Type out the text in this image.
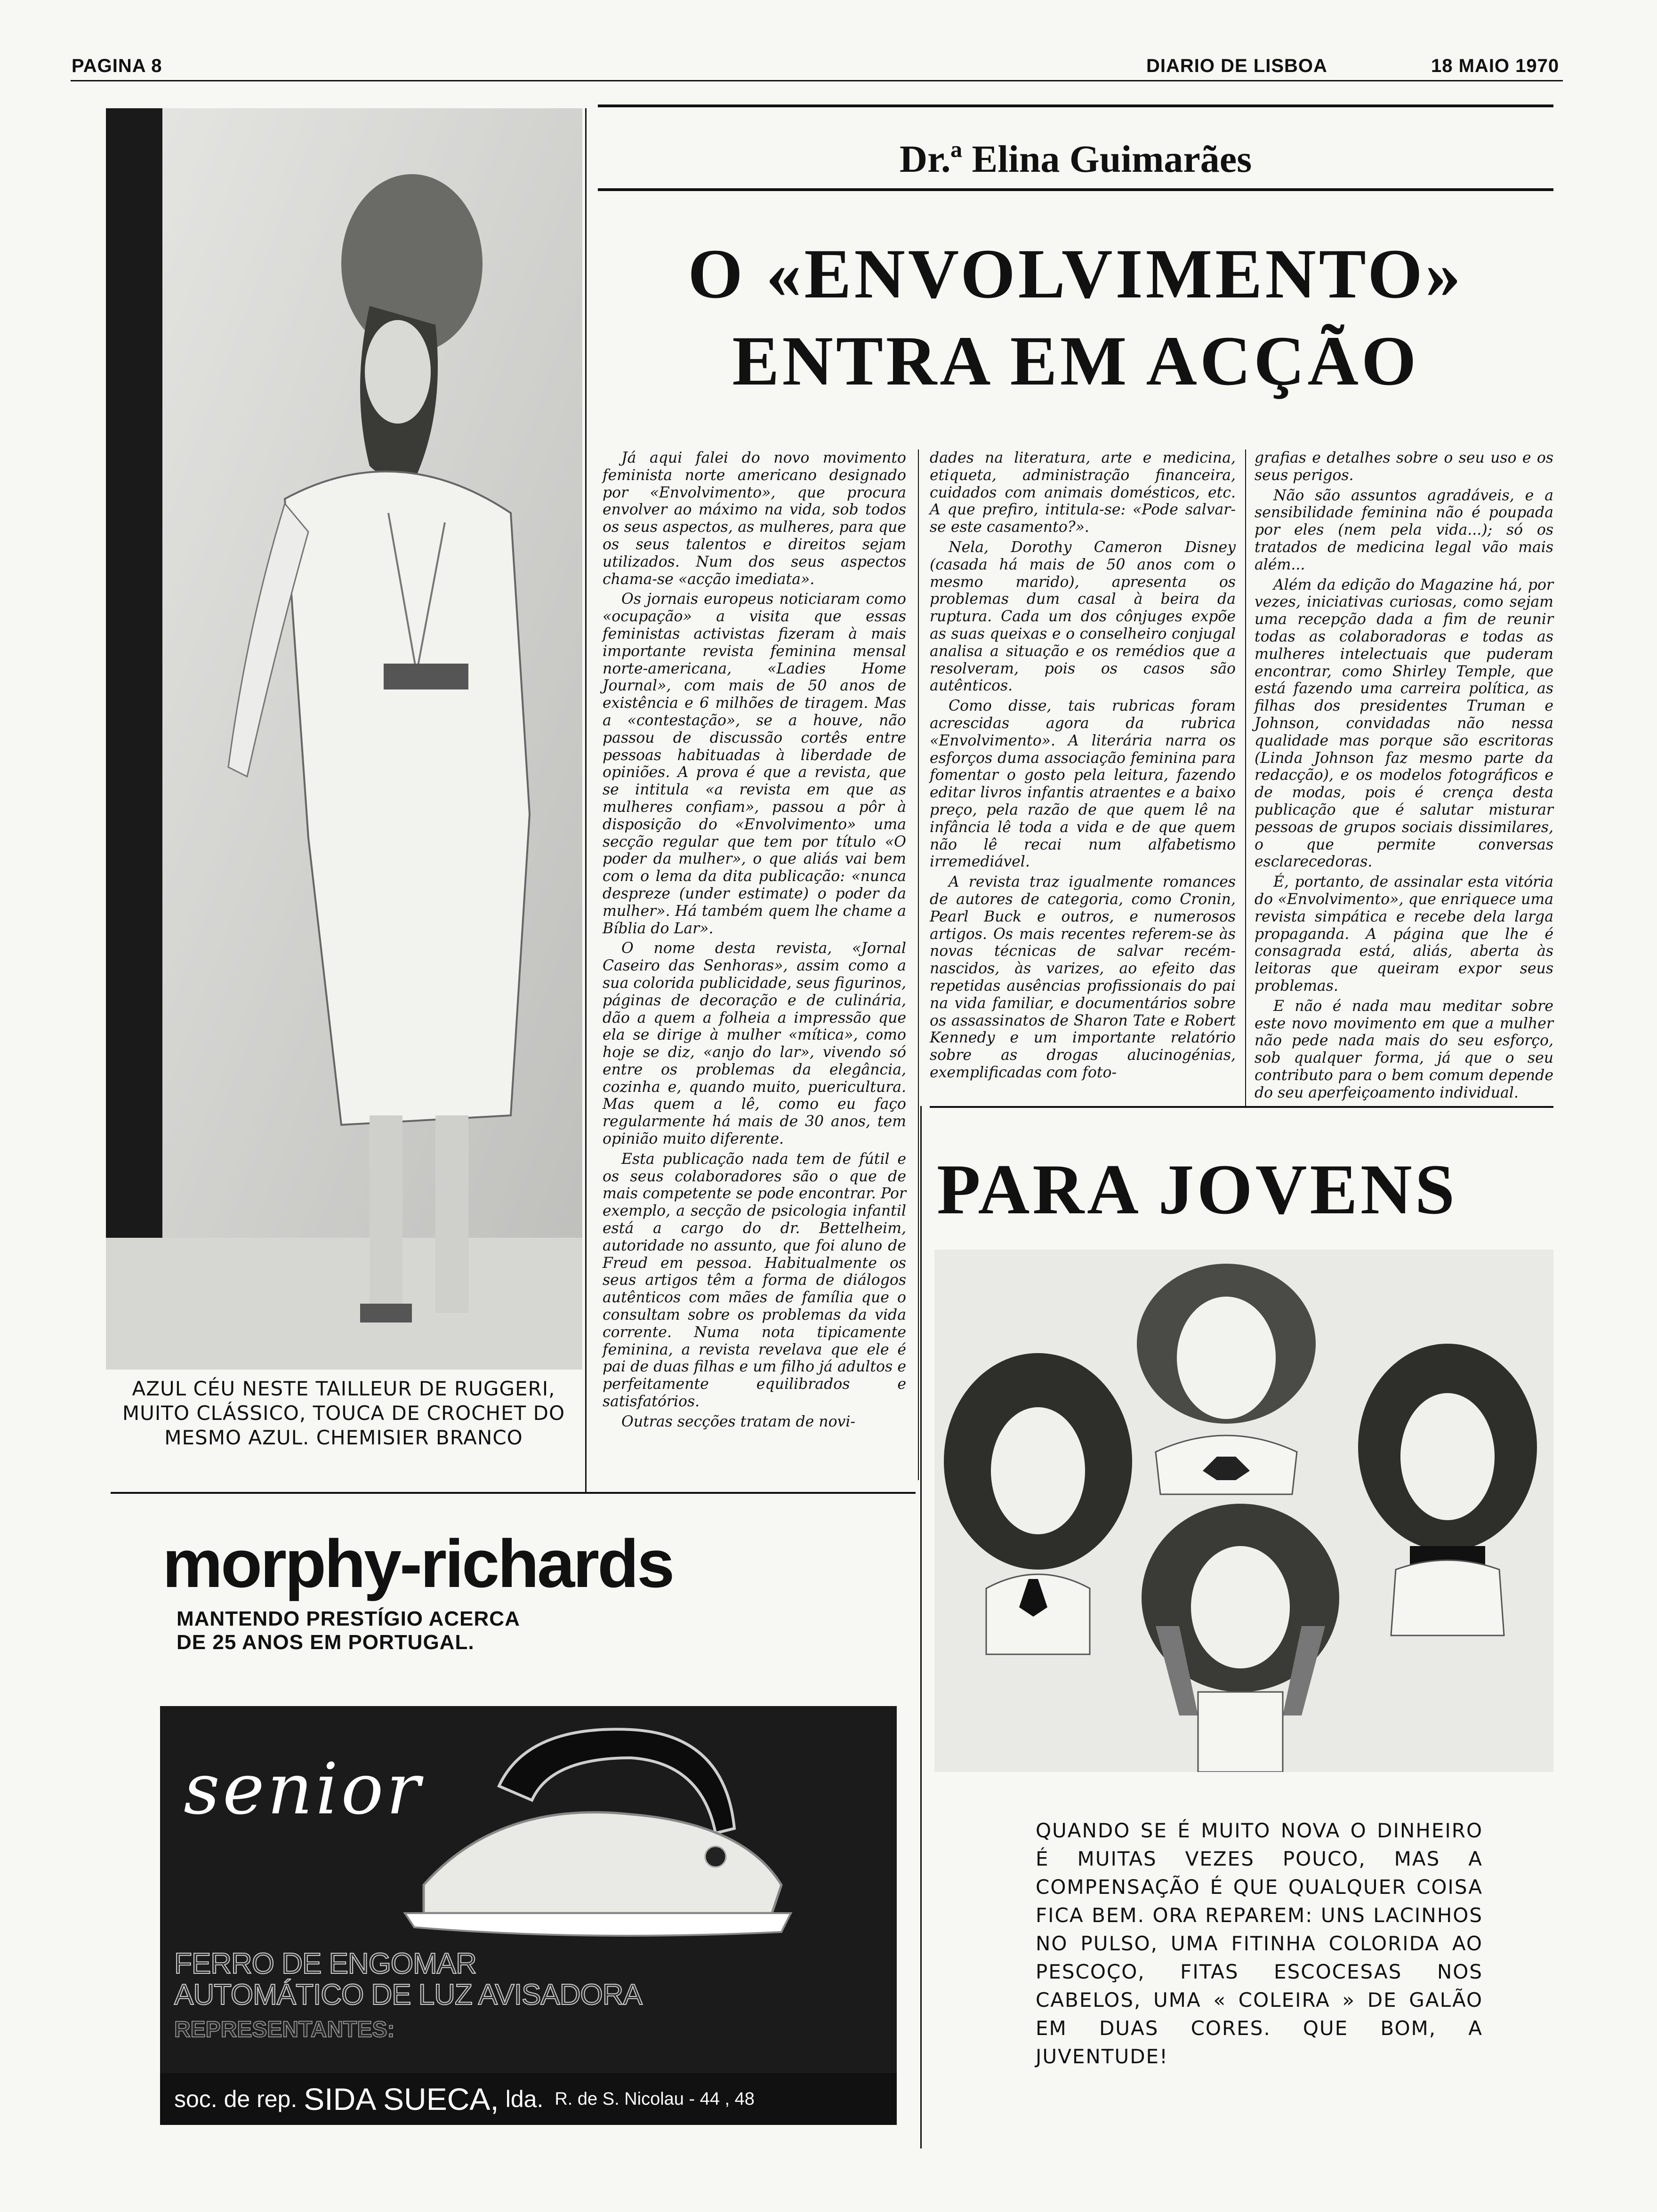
PAGINA 8	DIARIO DE LISBOA	18 MAIO 1970
Dr.ª Elina Guimarães
O «ENVOLVIMENTO»
ENTRA EM ACÇÃO

Já aqui falei do novo movimento feminista norte americano designado por «Envolvimento», que procura envolver ao máximo na vida, sob todos os seus aspectos, as mulheres, para que os seus talentos e direitos sejam utilizados. Num dos seus aspectos chama-se «acção imediata».

Os jornais europeus noticiaram como «ocupação» a visita que essas feministas activistas fizeram à mais importante revista feminina mensal norte-americana, «Ladies Home Journal», com mais de 50 anos de existência e 6 milhões de tiragem. Mas a «contestação», se a houve, não passou de discussão cortês entre pessoas habituadas à liberdade de opiniões. A prova é que a revista, que se intitula «a revista em que as mulheres confiam», passou a pôr à disposição do «Envolvimento» uma secção regular que tem por título «O poder da mulher», o que aliás vai bem com o lema da dita publicação: «nunca despreze (under estimate) o poder da mulher». Há também quem lhe chame a Bíblia do Lar».

O nome desta revista, «Jornal Caseiro das Senhoras», assim como a sua colorida publicidade, seus figurinos, páginas de decoração e de culinária, dão a quem a folheia a impressão que ela se dirige à mulher «mítica», como hoje se diz, «anjo do lar», vivendo só entre os problemas da elegância, cozinha e, quando muito, puericultura. Mas quem a lê, como eu faço regularmente há mais de 30 anos, tem opinião muito diferente.

Esta publicação nada tem de fútil e os seus colaboradores são o que de mais competente se pode encontrar. Por exemplo, a secção de psicologia infantil está a cargo do dr. Bettelheim, autoridade no assunto, que foi aluno de Freud em pessoa. Habitualmente os seus artigos têm a forma de diálogos autênticos com mães de família que o consultam sobre os problemas da vida corrente. Numa nota tipicamente feminina, a revista revelava que ele é pai de duas filhas e um filho já adultos e perfeitamente equilibrados e satisfatórios.

Outras secções tratam de novi-

dades na literatura, arte e medicina, etiqueta, administração financeira, cuidados com animais domésticos, etc. A que prefiro, intitula-se: «Pode salvar-se este casamento?».

Nela, Dorothy Cameron Disney (casada há mais de 50 anos com o mesmo marido), apresenta os problemas dum casal à beira da ruptura. Cada um dos cônjuges expõe as suas queixas e o conselheiro conjugal analisa a situação e os remédios que a resolveram, pois os casos são autênticos.

Como disse, tais rubricas foram acrescidas agora da rubrica «Envolvimento». A literária narra os esforços duma associação feminina para fomentar o gosto pela leitura, fazendo editar livros infantis atraentes e a baixo preço, pela razão de que quem lê na infância lê toda a vida e de que quem não lê recai num alfabetismo irremediável.

A revista traz igualmente romances de autores de categoria, como Cronin, Pearl Buck e outros, e numerosos artigos. Os mais recentes referem-se às novas técnicas de salvar recém-nascidos, às varizes, ao efeito das repetidas ausências profissionais do pai na vida familiar, e documentários sobre os assassinatos de Sharon Tate e Robert Kennedy e um importante relatório sobre as drogas alucinogénias, exemplificadas com foto-

grafias e detalhes sobre o seu uso e os seus perigos.

Não são assuntos agradáveis, e a sensibilidade feminina não é poupada por eles (nem pela vida...); só os tratados de medicina legal vão mais além...

Além da edição do Magazine há, por vezes, iniciativas curiosas, como sejam uma recepção dada a fim de reunir todas as colaboradoras e todas as mulheres intelectuais que puderam encontrar, como Shirley Temple, que está fazendo uma carreira política, as filhas dos presidentes Truman e Johnson, convidadas não nessa qualidade mas porque são escritoras (Linda Johnson faz mesmo parte da redacção), e os modelos fotográficos e de modas, pois é crença desta publicação que é salutar misturar pessoas de grupos sociais dissimilares, o que permite conversas esclarecedoras.

É, portanto, de assinalar esta vitória do «Envolvimento», que enriquece uma revista simpática e recebe dela larga propaganda. A página que lhe é consagrada está, aliás, aberta às leitoras que queiram expor seus problemas.

E não é nada mau meditar sobre este novo movimento em que a mulher não pede nada mais do seu esforço, sob qualquer forma, já que o seu contributo para o bem comum depende do seu aperfeiçoamento individual.

AZUL CÉU NESTE TAILLEUR DE RUGGERI, MUITO CLÁSSICO, TOUCA DE CROCHET DO MESMO AZUL. CHEMISIER BRANCO
PARA JOVENS
QUANDO SE É MUITO NOVA O DINHEIRO É MUITAS VEZES POUCO, MAS A COMPENSAÇÃO É QUE QUALQUER COISA FICA BEM. ORA REPAREM: UNS LACINHOS NO PULSO, UMA FITINHA COLORIDA AO PESCOÇO, FITAS ESCOCESAS NOS CABELOS, UMA « COLEIRA » DE GALÃO EM DUAS CORES. QUE BOM, A JUVENTUDE!
morphy-richards
MANTENDO PRESTÍGIO ACERCA
DE 25 ANOS EM PORTUGAL.
senior
FERRO DE ENGOMAR
AUTOMÁTICO DE LUZ AVISADORA
REPRESENTANTES:
soc. de rep. SIDA SUECA, lda. R. de S. Nicolau - 44 , 48
